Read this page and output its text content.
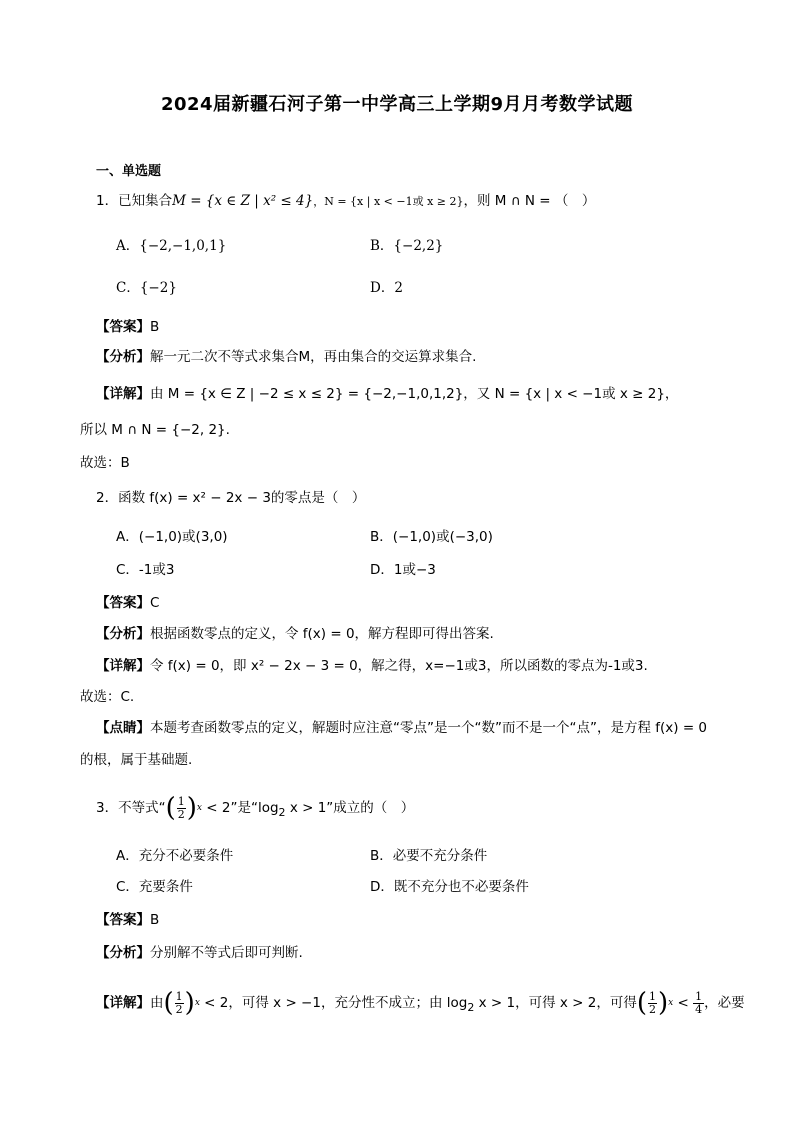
2024届新疆石河子第一中学高三上学期9月月考数学试题
一、单选题
1．已知集合M = {x ∈ Z | x² ≤ 4}，N = {x | x < −1或 x ≥ 2}，则 M ∩ N = （　）
A．{−2,−1,0,1}	B．{−2,2}
C．{−2}	D．2
【答案】B
【分析】解一元二次不等式求集合M，再由集合的交运算求集合.
【详解】由 M = {x ∈ Z | −2 ≤ x ≤ 2} = {−2,−1,0,1,2}，又 N = {x | x < −1或 x ≥ 2}，
所以 M ∩ N = {−2, 2}.
故选：B
2．函数 f(x) = x² − 2x − 3的零点是（　）
A．(−1,0)或(3,0)	B．(−1,0)或(−3,0)
C．-1或3	D．1或−3
【答案】C
【分析】根据函数零点的定义，令 f(x) = 0，解方程即可得出答案.
【详解】令 f(x) = 0，即 x² − 2x − 3 = 0，解之得，x=−1或3，所以函数的零点为-1或3.
故选：C.
【点睛】本题考查函数零点的定义，解题时应注意“零点”是一个“数”而不是一个“点”，是方程 f(x) = 0
的根，属于基础题.
3．不等式“ ( 1
2 ) x < 2”是“$\log_2$ x > 1”成立的（　）
A．充分不必要条件	B．必要不充分条件
C．充要条件	D．既不充分也不必要条件
【答案】B
【分析】分别解不等式后即可判断.
【详解】由 ( 1
2 ) x < 2，可得 x > −1，充分性不成立；由 $\log_2 x > 1$，可得 x > 2，可得 ( 1
2 ) $x < \frac{1}{4}$ ，必要
